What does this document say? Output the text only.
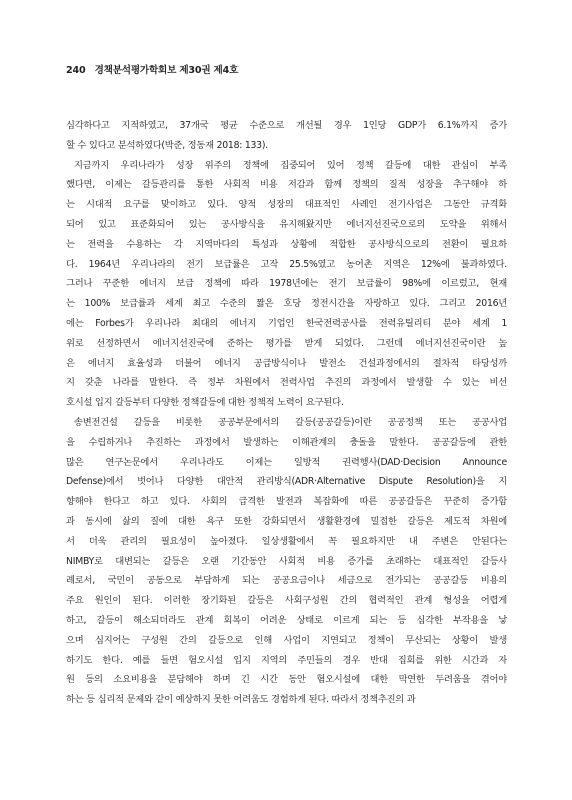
240 경책분석평가학회보 제30권 제4호
심각하다고 지적하였고, 37개국 평균 수준으로 개선될 경우 1인당 GDP가 6.1%까지 증가
할 수 있다고 분석하였다(박준, 정동재 2018: 133).
지금까지 우리나라가 성장 위주의 정책에 집중되어 있어 정책 갈등에 대한 관심이 부족
했다면, 이제는 갈등관리를 통한 사회적 비용 저감과 함께 정책의 질적 성장을 추구해야 하
는 시대적 요구를 맞이하고 있다. 양적 성장의 대표적인 사례인 전기사업은 그동안 규격화
되어 있고 표준화되어 있는 공사방식을 유지해왔지만 에너지선진국으로의 도약을 위해서
는 전력을 수용하는 각 지역마다의 특성과 상황에 적합한 공사방식으로의 전환이 필요하
다. 1964년 우리나라의 전기 보급률은 고작 25.5%였고 농어촌 지역은 12%에 불과하였다.
그러나 꾸준한 에너지 보급 정책에 따라 1978년에는 전기 보급률이 98%에 이르렀고, 현재
는 100% 보급률과 세계 최고 수준의 짧은 호당 정전시간을 자랑하고 있다. 그리고 2016년
에는 Forbes가 우리나라 최대의 에너지 기업인 한국전력공사를 전력유틸리티 분야 세계 1
위로 선정하면서 에너지선진국에 준하는 평가를 받게 되었다. 그런데 에너지선진국이란 높
은 에너지 효율성과 더불어 에너지 공급방식이나 발전소 건설과정에서의 절차적 타당성까
지 갖춘 나라를 말한다. 즉 정부 차원에서 전력사업 추진의 과정에서 발생할 수 있는 비선
호시설 입지 갈등부터 다양한 정책갈등에 대한 정책적 노력이 요구된다.
송변전건설 갈등을 비롯한 공공부문에서의 갈등(공공갈등)이란 공공정책 또는 공공사업
을 수립하거나 추진하는 과정에서 발생하는 이해관계의 충돌을 말한다. 공공갈등에 관한
많은 연구논문에서 우리나라도 이제는 일방적 권력행사(DAD·Decision Announce
Defense)에서 벗어나 다양한 대안적 관리방식(ADR·Alternative Dispute Resolution)을 지
향해야 한다고 하고 있다. 사회의 급격한 발전과 복잡화에 따른 공공갈등은 꾸준히 증가함
과 동시에 삶의 질에 대한 욕구 또한 강화되면서 생활환경에 밀접한 갈등은 제도적 차원에
서 더욱 관리의 필요성이 높아졌다. 일상생활에서 꼭 필요하지만 내 주변은 안된다는
NIMBY로 대변되는 갈등은 오랜 기간동안 사회적 비용 증가를 초래하는 대표적인 갈등사
례로서, 국민이 공동으로 부담하게 되는 공공요금이나 세금으로 전가되는 공공갈등 비용의
주요 원인이 된다. 이러한 장기화된 갈등은 사회구성원 간의 협력적인 관계 형성을 어렵게
하고, 갈등이 해소되더라도 관계 회복이 어려운 상태로 이르게 되는 등 심각한 부작용을 낳
으며 심지어는 구성원 간의 갈등으로 인해 사업이 지연되고 정책이 무산되는 상황이 발생
하기도 한다. 예를 들면 혐오시설 입지 지역의 주민들의 경우 반대 집회를 위한 시간과 자
원 등의 소요비용을 분담해야 하며 긴 시간 동안 혐오시설에 대한 막연한 두려움을 겪어야
하는 등 심리적 문제와 같이 예상하지 못한 어려움도 경험하게 된다. 따라서 정책추진의 과
